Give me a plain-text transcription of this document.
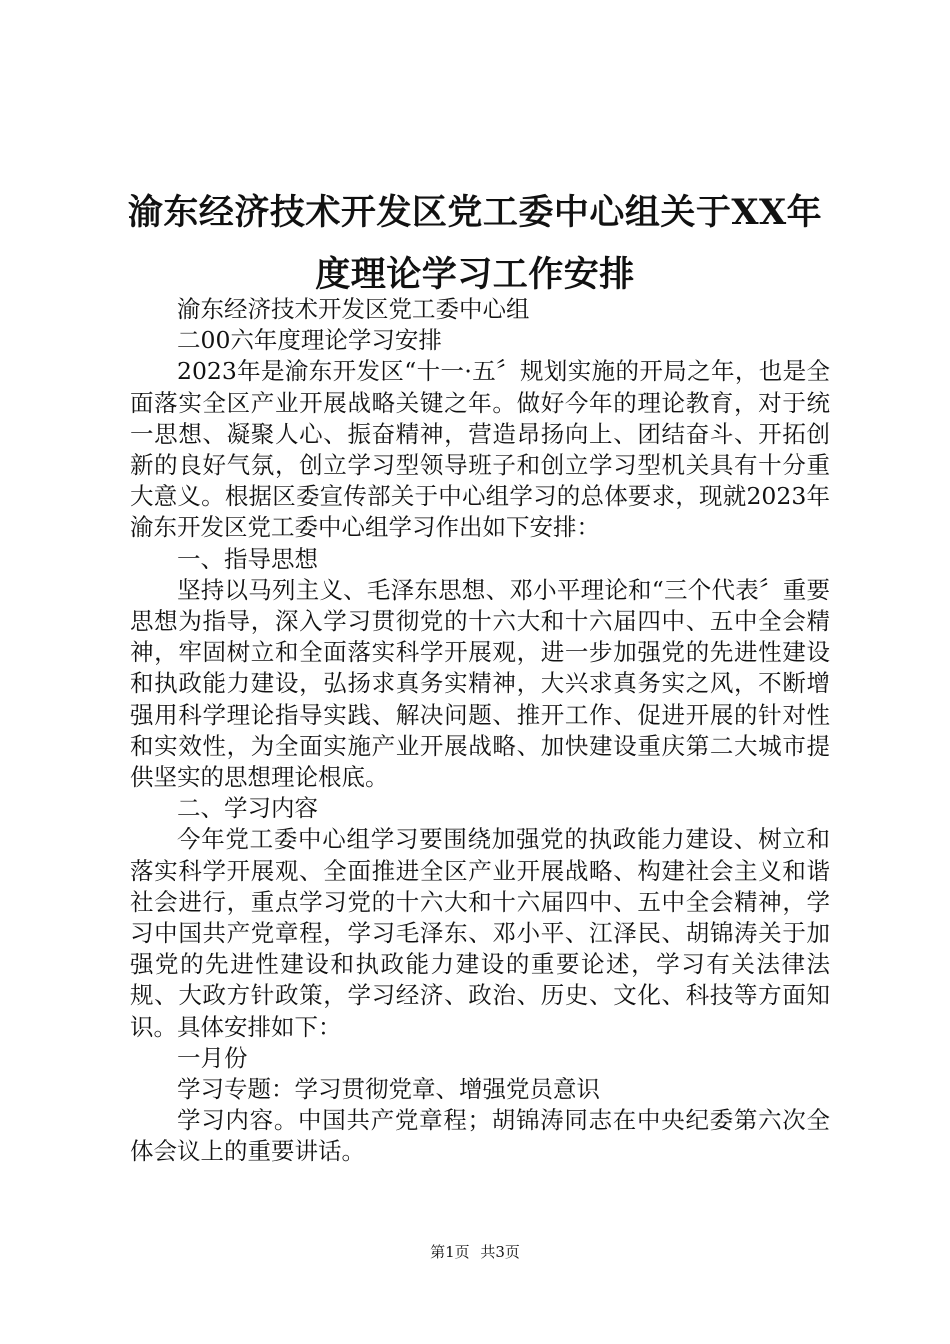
渝东经济技术开发区党工委中心组关于XX年度理论学习工作安排

渝东经济技术开发区党工委中心组

二00六年度理论学习安排

2023年是渝东开发区“十一·五〞规划实施的开局之年，也是全面落实全区产业开展战略关键之年。做好今年的理论教育，对于统一思想、凝聚人心、振奋精神，营造昂扬向上、团结奋斗、开拓创新的良好气氛，创立学习型领导班子和创立学习型机关具有十分重大意义。根据区委宣传部关于中心组学习的总体要求，现就2023年渝东开发区党工委中心组学习作出如下安排：

一、指导思想

坚持以马列主义、毛泽东思想、邓小平理论和“三个代表〞重要思想为指导，深入学习贯彻党的十六大和十六届四中、五中全会精神，牢固树立和全面落实科学开展观，进一步加强党的先进性建设和执政能力建设，弘扬求真务实精神，大兴求真务实之风，不断增强用科学理论指导实践、解决问题、推开工作、促进开展的针对性和实效性，为全面实施产业开展战略、加快建设重庆第二大城市提供坚实的思想理论根底。

二、学习内容

今年党工委中心组学习要围绕加强党的执政能力建设、树立和落实科学开展观、全面推进全区产业开展战略、构建社会主义和谐社会进行，重点学习党的十六大和十六届四中、五中全会精神，学习中国共产党章程，学习毛泽东、邓小平、江泽民、胡锦涛关于加强党的先进性建设和执政能力建设的重要论述，学习有关法律法规、大政方针政策，学习经济、政治、历史、文化、科技等方面知识。具体安排如下：

一月份

学习专题：学习贯彻党章、增强党员意识

学习内容。中国共产党章程；胡锦涛同志在中央纪委第六次全体会议上的重要讲话。

第1页 共3页
